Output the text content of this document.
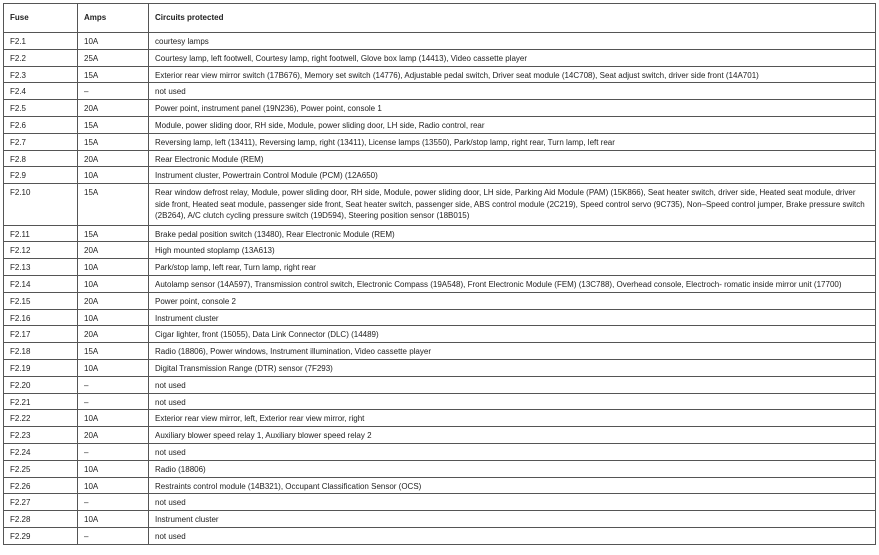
Fuse	Amps	Circuits protected
F2.1	10A	courtesy lamps
F2.2	25A	Courtesy lamp, left footwell, Courtesy lamp, right footwell, Glove box lamp (14413), Video cassette player
F2.3	15A	Exterior rear view mirror switch (17B676), Memory set switch (14776), Adjustable pedal switch, Driver seat module (14C708), Seat adjust switch, driver side front (14A701)
F2.4	–	not used
F2.5	20A	Power point, instrument panel (19N236), Power point, console 1
F2.6	15A	Module, power sliding door, RH side, Module, power sliding door, LH side, Radio control, rear
F2.7	15A	Reversing lamp, left (13411), Reversing lamp, right (13411), License lamps (13550), Park/stop lamp, right rear, Turn lamp, left rear
F2.8	20A	Rear Electronic Module (REM)
F2.9	10A	Instrument cluster, Powertrain Control Module (PCM) (12A650)
F2.10	15A	Rear window defrost relay, Module, power sliding door, RH side, Module, power sliding door, LH side, Parking Aid Module (PAM) (15K866), Seat heater switch, driver side, Heated seat module, driver side front, Heated seat module, passenger side front, Seat heater switch, passenger side, ABS control module (2C219), Speed control servo (9C735), Non–Speed control jumper, Brake pressure switch (2B264), A/C clutch cycling pressure switch (19D594), Steering position sensor (18B015)
F2.11	15A	Brake pedal position switch (13480), Rear Electronic Module (REM)
F2.12	20A	High mounted stoplamp (13A613)
F2.13	10A	Park/stop lamp, left rear, Turn lamp, right rear
F2.14	10A	Autolamp sensor (14A597), Transmission control switch, Electronic Compass (19A548), Front Electronic Module (FEM) (13C788), Overhead console, Electroch- romatic inside mirror unit (17700)
F2.15	20A	Power point, console 2
F2.16	10A	Instrument cluster
F2.17	20A	Cigar lighter, front (15055), Data Link Connector (DLC) (14489)
F2.18	15A	Radio (18806), Power windows, Instrument illumination, Video cassette player
F2.19	10A	Digital Transmission Range (DTR) sensor (7F293)
F2.20	–	not used
F2.21	–	not used
F2.22	10A	Exterior rear view mirror, left, Exterior rear view mirror, right
F2.23	20A	Auxiliary blower speed relay 1, Auxiliary blower speed relay 2
F2.24	–	not used
F2.25	10A	Radio (18806)
F2.26	10A	Restraints control module (14B321), Occupant Classification Sensor (OCS)
F2.27	–	not used
F2.28	10A	Instrument cluster
F2.29	–	not used
